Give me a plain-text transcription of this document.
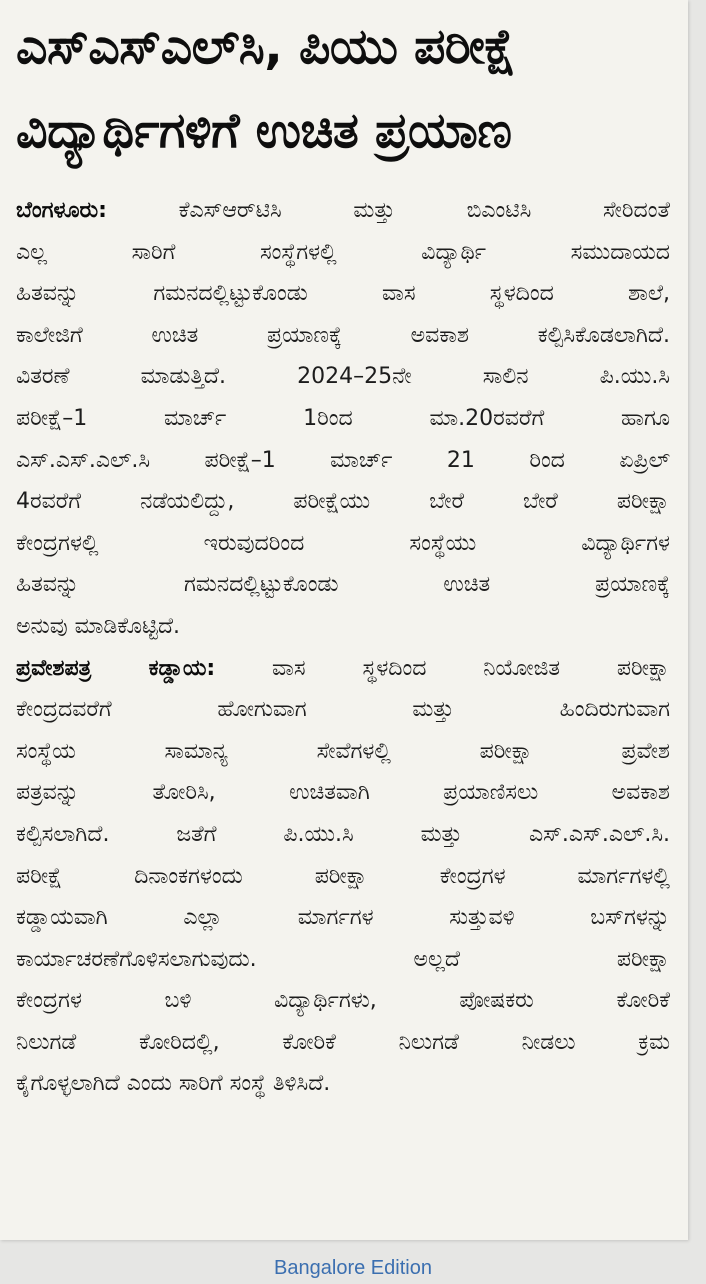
ಎಸ್‌ಎಸ್‌ಎಲ್‌ಸಿ, ಪಿಯು ಪರೀಕ್ಷೆ
ವಿದ್ಯಾರ್ಥಿಗಳಿಗೆ ಉಚಿತ ಪ್ರಯಾಣ
ಬೆಂಗಳೂರು:	ಕೆಎಸ್‌ಆರ್‌ಟಿಸಿ ಮತ್ತು ಬಿಎಂಟಿಸಿ ಸೇರಿದಂತೆ
ಎಲ್ಲ ಸಾರಿಗೆ ಸಂಸ್ಥೆಗಳಲ್ಲಿ ವಿದ್ಯಾರ್ಥಿ ಸಮುದಾಯದ
ಹಿತವನ್ನು ಗಮನದಲ್ಲಿಟ್ಟುಕೊಂಡು ವಾಸ ಸ್ಥಳದಿಂದ ಶಾಲೆ,
ಕಾಲೇಜಿಗೆ ಉಚಿತ ಪ್ರಯಾಣಕ್ಕೆ ಅವಕಾಶ ಕಲ್ಪಿಸಿಕೊಡಲಾಗಿದೆ.
ವಿತರಣೆ ಮಾಡುತ್ತಿದೆ. 2024–25ನೇ ಸಾಲಿನ ಪಿ.ಯು.ಸಿ
ಪರೀಕ್ಷೆ–1 ಮಾರ್ಚ್ 1ರಿಂದ ಮಾ.20ರವರೆಗೆ ಹಾಗೂ
ಎಸ್.ಎಸ್.ಎಲ್.ಸಿ ಪರೀಕ್ಷೆ–1 ಮಾರ್ಚ್ 21 ರಿಂದ ಏಪ್ರಿಲ್
4ರವರೆಗೆ ನಡೆಯಲಿದ್ದು, ಪರೀಕ್ಷೆಯು ಬೇರೆ ಬೇರೆ ಪರೀಕ್ಷಾ
ಕೇಂದ್ರಗಳಲ್ಲಿ ಇರುವುದರಿಂದ ಸಂಸ್ಥೆಯು ವಿದ್ಯಾರ್ಥಿಗಳ
ಹಿತವನ್ನು ಗಮನದಲ್ಲಿಟ್ಟುಕೊಂಡು ಉಚಿತ ಪ್ರಯಾಣಕ್ಕೆ
ಅನುವು ಮಾಡಿಕೊಟ್ಟಿದೆ.
ಪ್ರವೇಶಪತ್ರ ಕಡ್ಡಾಯ:	ವಾಸ ಸ್ಥಳದಿಂದ ನಿಯೋಜಿತ ಪರೀಕ್ಷಾ
ಕೇಂದ್ರದವರೆಗೆ ಹೋಗುವಾಗ ಮತ್ತು ಹಿಂದಿರುಗುವಾಗ
ಸಂಸ್ಥೆಯ ಸಾಮಾನ್ಯ ಸೇವೆಗಳಲ್ಲಿ ಪರೀಕ್ಷಾ ಪ್ರವೇಶ
ಪತ್ರವನ್ನು ತೋರಿಸಿ, ಉಚಿತವಾಗಿ ಪ್ರಯಾಣಿಸಲು ಅವಕಾಶ
ಕಲ್ಪಿಸಲಾಗಿದೆ. ಜತೆಗೆ ಪಿ.ಯು.ಸಿ ಮತ್ತು ಎಸ್.ಎಸ್.ಎಲ್.ಸಿ.
ಪರೀಕ್ಷೆ ದಿನಾಂಕಗಳಂದು ಪರೀಕ್ಷಾ ಕೇಂದ್ರಗಳ ಮಾರ್ಗಗಳಲ್ಲಿ
ಕಡ್ಡಾಯವಾಗಿ ಎಲ್ಲಾ ಮಾರ್ಗಗಳ ಸುತ್ತುವಳಿ ಬಸ್‌ಗಳನ್ನು
ಕಾರ್ಯಾಚರಣೆಗೊಳಿಸಲಾಗುವುದು. ಅಲ್ಲದೆ ಪರೀಕ್ಷಾ
ಕೇಂದ್ರಗಳ ಬಳಿ ವಿದ್ಯಾರ್ಥಿಗಳು, ಪೋಷಕರು ಕೋರಿಕೆ
ನಿಲುಗಡೆ ಕೋರಿದಲ್ಲಿ, ಕೋರಿಕೆ ನಿಲುಗಡೆ ನೀಡಲು ಕ್ರಮ
ಕೈಗೊಳ್ಳಲಾಗಿದೆ ಎಂದು ಸಾರಿಗೆ ಸಂಸ್ಥೆ ತಿಳಿಸಿದೆ.
Bangalore Edition
